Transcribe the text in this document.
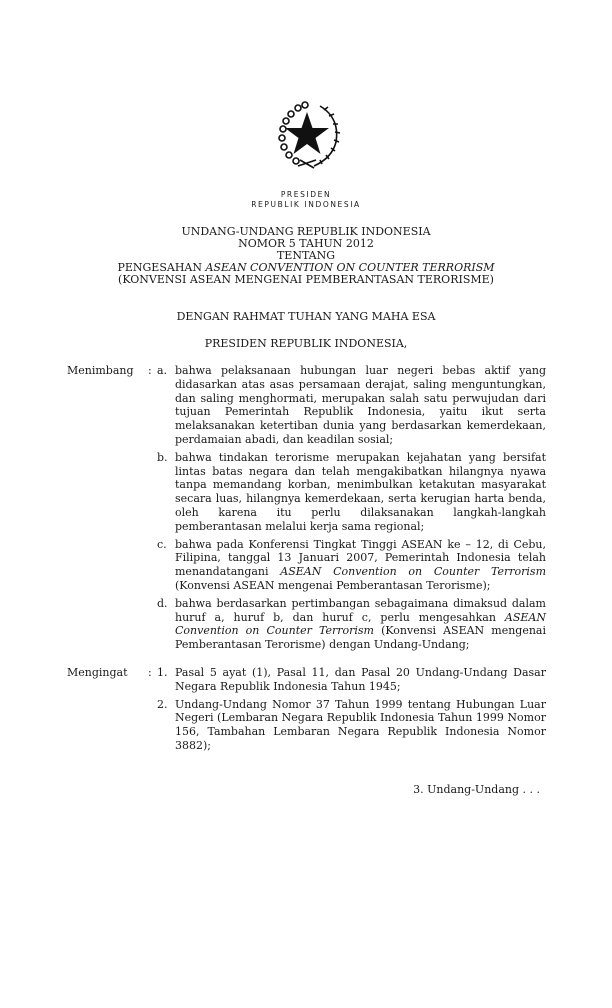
PRESIDEN
REPUBLIK INDONESIA
UNDANG-UNDANG REPUBLIK INDONESIA
NOMOR 5 TAHUN 2012
TENTANG
PENGESAHAN ASEAN CONVENTION ON COUNTER TERRORISM
(KONVENSI ASEAN MENGENAI PEMBERANTASAN TERORISME)
DENGAN RAHMAT TUHAN YANG MAHA ESA
PRESIDEN REPUBLIK INDONESIA,
Menimbang : a. bahwa pelaksanaan hubungan luar negeri bebas aktif yang didasarkan atas asas persamaan derajat, saling menguntungkan, dan saling menghormati, merupakan salah satu perwujudan dari tujuan Pemerintah Republik Indonesia, yaitu ikut serta melaksanakan ketertiban dunia yang berdasarkan kemerdekaan, perdamaian abadi, dan keadilan sosial;
b. bahwa tindakan terorisme merupakan kejahatan yang bersifat lintas batas negara dan telah mengakibatkan hilangnya nyawa tanpa memandang korban, menimbulkan ketakutan masyarakat secara luas, hilangnya kemerdekaan, serta kerugian harta benda, oleh karena itu perlu dilaksanakan langkah-langkah pemberantasan melalui kerja sama regional;
c. bahwa pada Konferensi Tingkat Tinggi ASEAN ke – 12, di Cebu, Filipina, tanggal 13 Januari 2007, Pemerintah Indonesia telah menandatangani ASEAN Convention on Counter Terrorism (Konvensi ASEAN mengenai Pemberantasan Terorisme);
d. bahwa berdasarkan pertimbangan sebagaimana dimaksud dalam huruf a, huruf b, dan huruf c, perlu mengesahkan ASEAN Convention on Counter Terrorism (Konvensi ASEAN mengenai Pemberantasan Terorisme) dengan Undang-Undang;
Mengingat : 1. Pasal 5 ayat (1), Pasal 11, dan Pasal 20 Undang-Undang Dasar Negara Republik Indonesia Tahun 1945;
2. Undang-Undang Nomor 37 Tahun 1999 tentang Hubungan Luar Negeri (Lembaran Negara Republik Indonesia Tahun 1999 Nomor 156, Tambahan Lembaran Negara Republik Indonesia Nomor 3882);
3. Undang-Undang . . .
